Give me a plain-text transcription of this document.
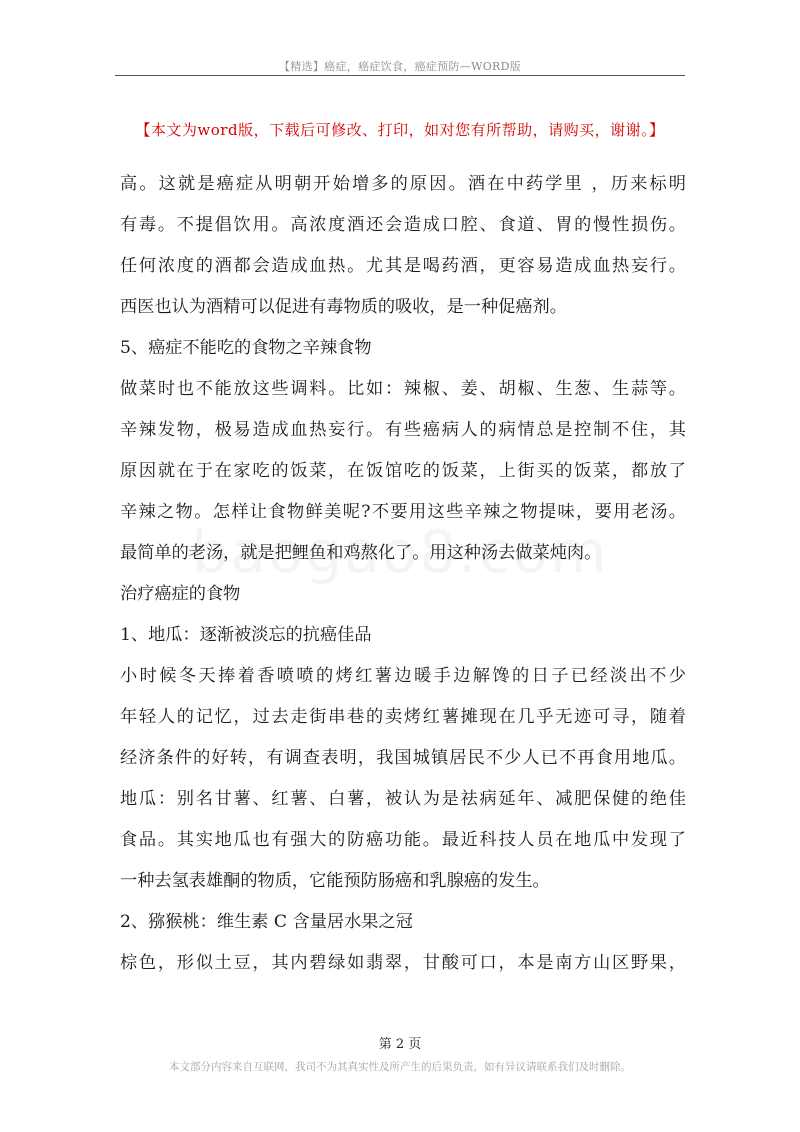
【精选】癌症，癌症饮食，癌症预防—WORD版
【本文为word版，下载后可修改、打印，如对您有所帮助，请购买，谢谢。】
高。这就是癌症从明朝开始增多的原因。酒在中药学里 ，历来标明
有毒。不提倡饮用。高浓度酒还会造成口腔、食道、胃的慢性损伤。
任何浓度的酒都会造成血热。尤其是喝药酒，更容易造成血热妄行。
西医也认为酒精可以促进有毒物质的吸收，是一种促癌剂。
5、癌症不能吃的食物之辛辣食物
做菜时也不能放这些调料。比如：辣椒、姜、胡椒、生葱、生蒜等。
辛辣发物，极易造成血热妄行。有些癌病人的病情总是控制不住，其
原因就在于在家吃的饭菜，在饭馆吃的饭菜，上街买的饭菜，都放了
辛辣之物。怎样让食物鲜美呢?不要用这些辛辣之物提味，要用老汤。
最简单的老汤，就是把鲤鱼和鸡熬化了。用这种汤去做菜炖肉。
治疗癌症的食物
1、地瓜：逐渐被淡忘的抗癌佳品
小时候冬天捧着香喷喷的烤红薯边暖手边解馋的日子已经淡出不少
年轻人的记忆，过去走街串巷的卖烤红薯摊现在几乎无迹可寻，随着
经济条件的好转，有调查表明，我国城镇居民不少人已不再食用地瓜。
地瓜：别名甘薯、红薯、白薯，被认为是祛病延年、减肥保健的绝佳
食品。其实地瓜也有强大的防癌功能。最近科技人员在地瓜中发现了
一种去氢表雄酮的物质，它能预防肠癌和乳腺癌的发生。
2、猕猴桃：维生素 C 含量居水果之冠
棕色，形似土豆，其内碧绿如翡翠，甘酸可口，本是南方山区野果，
第 2 页
本文部分内容来自互联网，我司不为其真实性及所产生的后果负责，如有异议请联系我们及时删除。
